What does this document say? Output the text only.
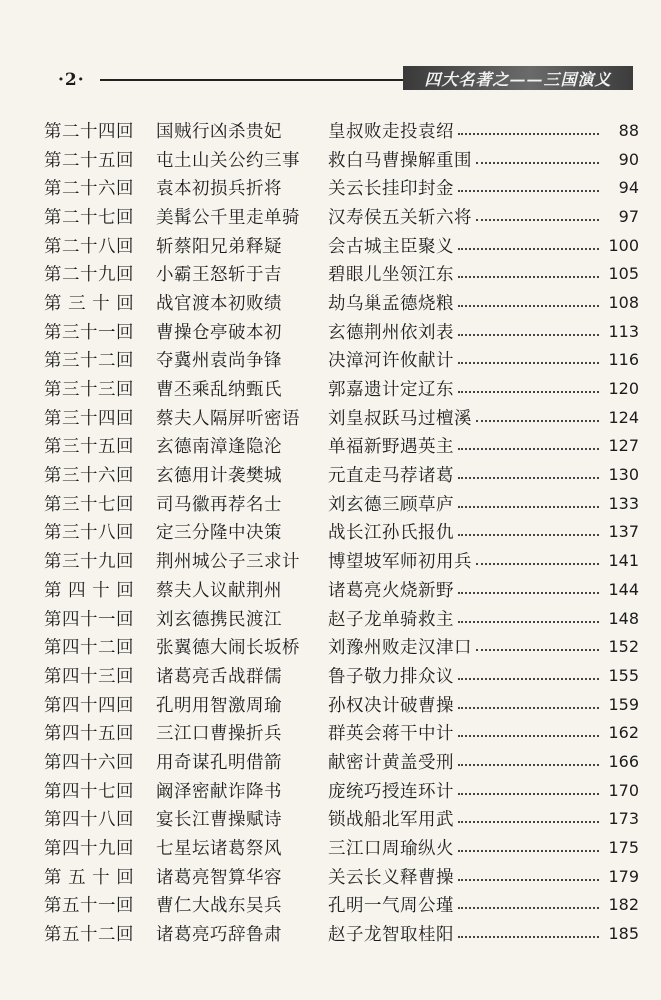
·2·	四大名著之——三国演义
第二十四回	国贼行凶杀贵妃	皇叔败走投袁绍	88
第二十五回	屯土山关公约三事	救白马曹操解重围	90
第二十六回	袁本初损兵折将	关云长挂印封金	94
第二十七回	美髯公千里走单骑	汉寿侯五关斩六将	97
第二十八回	斩蔡阳兄弟释疑	会古城主臣聚义	100
第二十九回	小霸王怒斩于吉	碧眼儿坐领江东	105
第 三 十 回	战官渡本初败绩	劫乌巢孟德烧粮	108
第三十一回	曹操仓亭破本初	玄德荆州依刘表	113
第三十二回	夺冀州袁尚争锋	决漳河许攸献计	116
第三十三回	曹丕乘乱纳甄氏	郭嘉遗计定辽东	120
第三十四回	蔡夫人隔屏听密语	刘皇叔跃马过檀溪	124
第三十五回	玄德南漳逢隐沦	单福新野遇英主	127
第三十六回	玄德用计袭樊城	元直走马荐诸葛	130
第三十七回	司马徽再荐名士	刘玄德三顾草庐	133
第三十八回	定三分隆中决策	战长江孙氏报仇	137
第三十九回	荆州城公子三求计	博望坡军师初用兵	141
第 四 十 回	蔡夫人议献荆州	诸葛亮火烧新野	144
第四十一回	刘玄德携民渡江	赵子龙单骑救主	148
第四十二回	张翼德大闹长坂桥	刘豫州败走汉津口	152
第四十三回	诸葛亮舌战群儒	鲁子敬力排众议	155
第四十四回	孔明用智激周瑜	孙权决计破曹操	159
第四十五回	三江口曹操折兵	群英会蒋干中计	162
第四十六回	用奇谋孔明借箭	献密计黄盖受刑	166
第四十七回	阚泽密献诈降书	庞统巧授连环计	170
第四十八回	宴长江曹操赋诗	锁战船北军用武	173
第四十九回	七星坛诸葛祭风	三江口周瑜纵火	175
第 五 十 回	诸葛亮智算华容	关云长义释曹操	179
第五十一回	曹仁大战东吴兵	孔明一气周公瑾	182
第五十二回	诸葛亮巧辞鲁肃	赵子龙智取桂阳	185
